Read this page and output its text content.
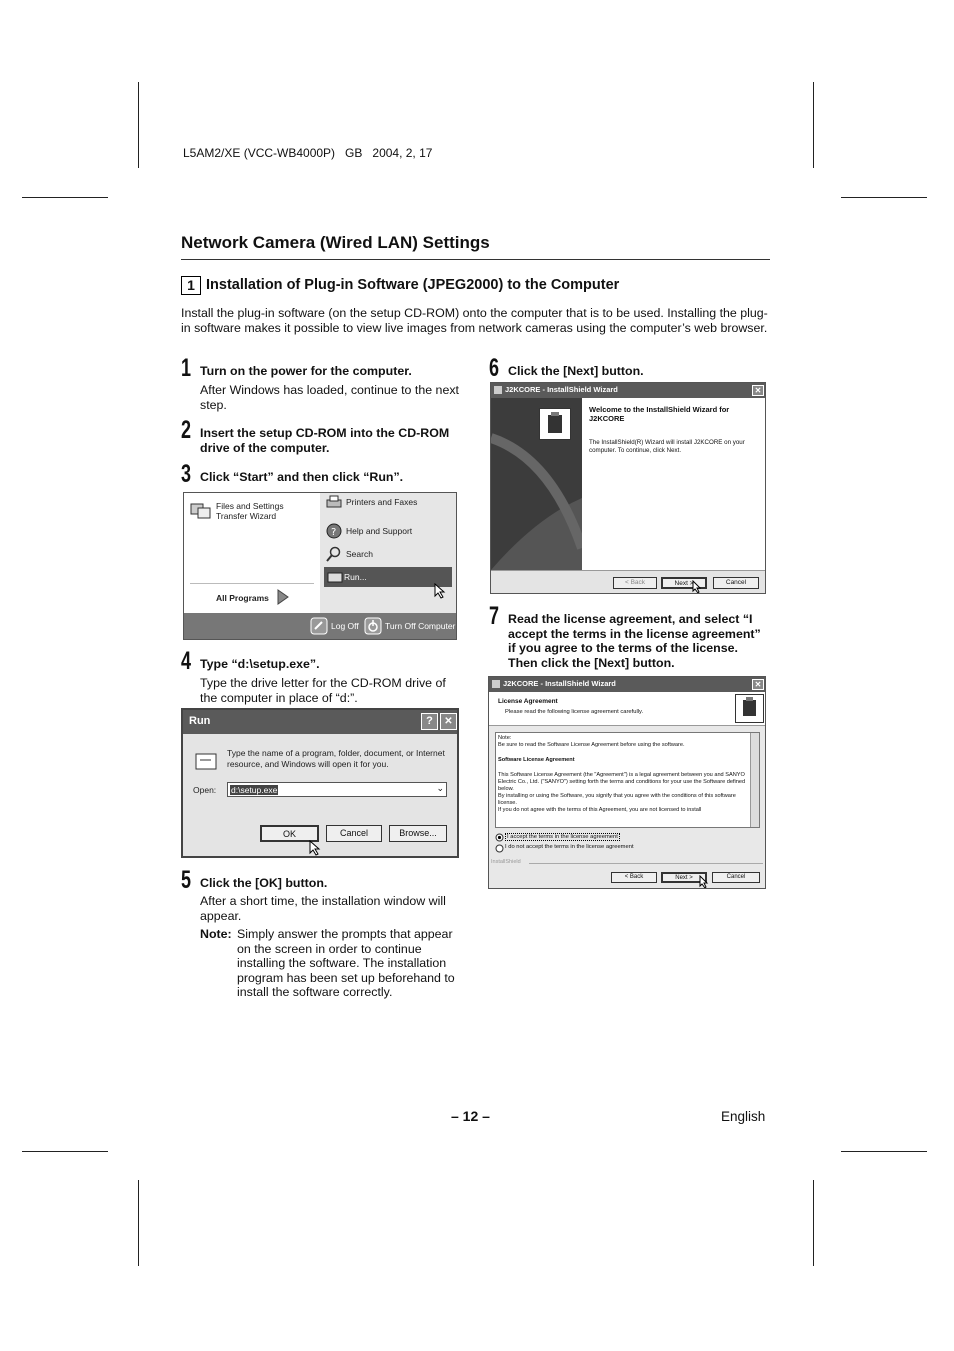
L5AM2/XE (VCC-WB4000P)   GB   2004, 2, 17
Network Camera (Wired LAN) Settings
1 Installation of Plug-in Software (JPEG2000) to the Computer
Install the plug-in software (on the setup CD-ROM) onto the computer that is to be used. Installing the plug-in software makes it possible to view live images from network cameras using the computer’s web browser.
1 Turn on the power for the computer.
After Windows has loaded, continue to the next step.
2 Insert the setup CD-ROM into the CD-ROM drive of the computer.
3 Click “Start” and then click “Run”.
Files and Settings Transfer Wizard
All Programs
Printers and Faxes
? Help and Support
Search
Run...
Log Off	Turn Off Computer
4 Type “d:\setup.exe”.
Type the drive letter for the CD-ROM drive of the computer in place of “d:”.
Run	?	✕
Type the name of a program, folder, document, or Internet resource, and Windows will open it for you.
Open: d:\setup.exe	⌄
OK	Cancel	Browse...
5 Click the [OK] button.
After a short time, the installation window will appear.
Note: Simply answer the prompts that appear on the screen in order to continue installing the software. The installation program has been set up beforehand to install the software correctly.
6 Click the [Next] button.
J2KCORE - InstallShield Wizard	✕
Welcome to the InstallShield Wizard for J2KCORE
The InstallShield(R) Wizard will install J2KCORE on your computer. To continue, click Next.
< Back	Next >	Cancel
7 Read the license agreement, and select “I accept the terms in the license agreement” if you agree to the terms of the license. Then click the [Next] button.
J2KCORE - InstallShield Wizard	✕
License Agreement
Please read the following license agreement carefully.
Note:
Be sure to read the Software License Agreement before using the software.
Software License Agreement
This Software License Agreement (the "Agreement") is a legal agreement between you and SANYO Electric Co., Ltd. ("SANYO") setting forth the terms and conditions for your use the Software defined below.
By installing or using the Software, you signify that you agree with the conditions of this software license.
If you do not agree with the terms of this Agreement, you are not licensed to install
I accept the terms in the license agreement
I do not accept the terms in the license agreement
InstallShield
< Back	Next >	Cancel
– 12 –	English
